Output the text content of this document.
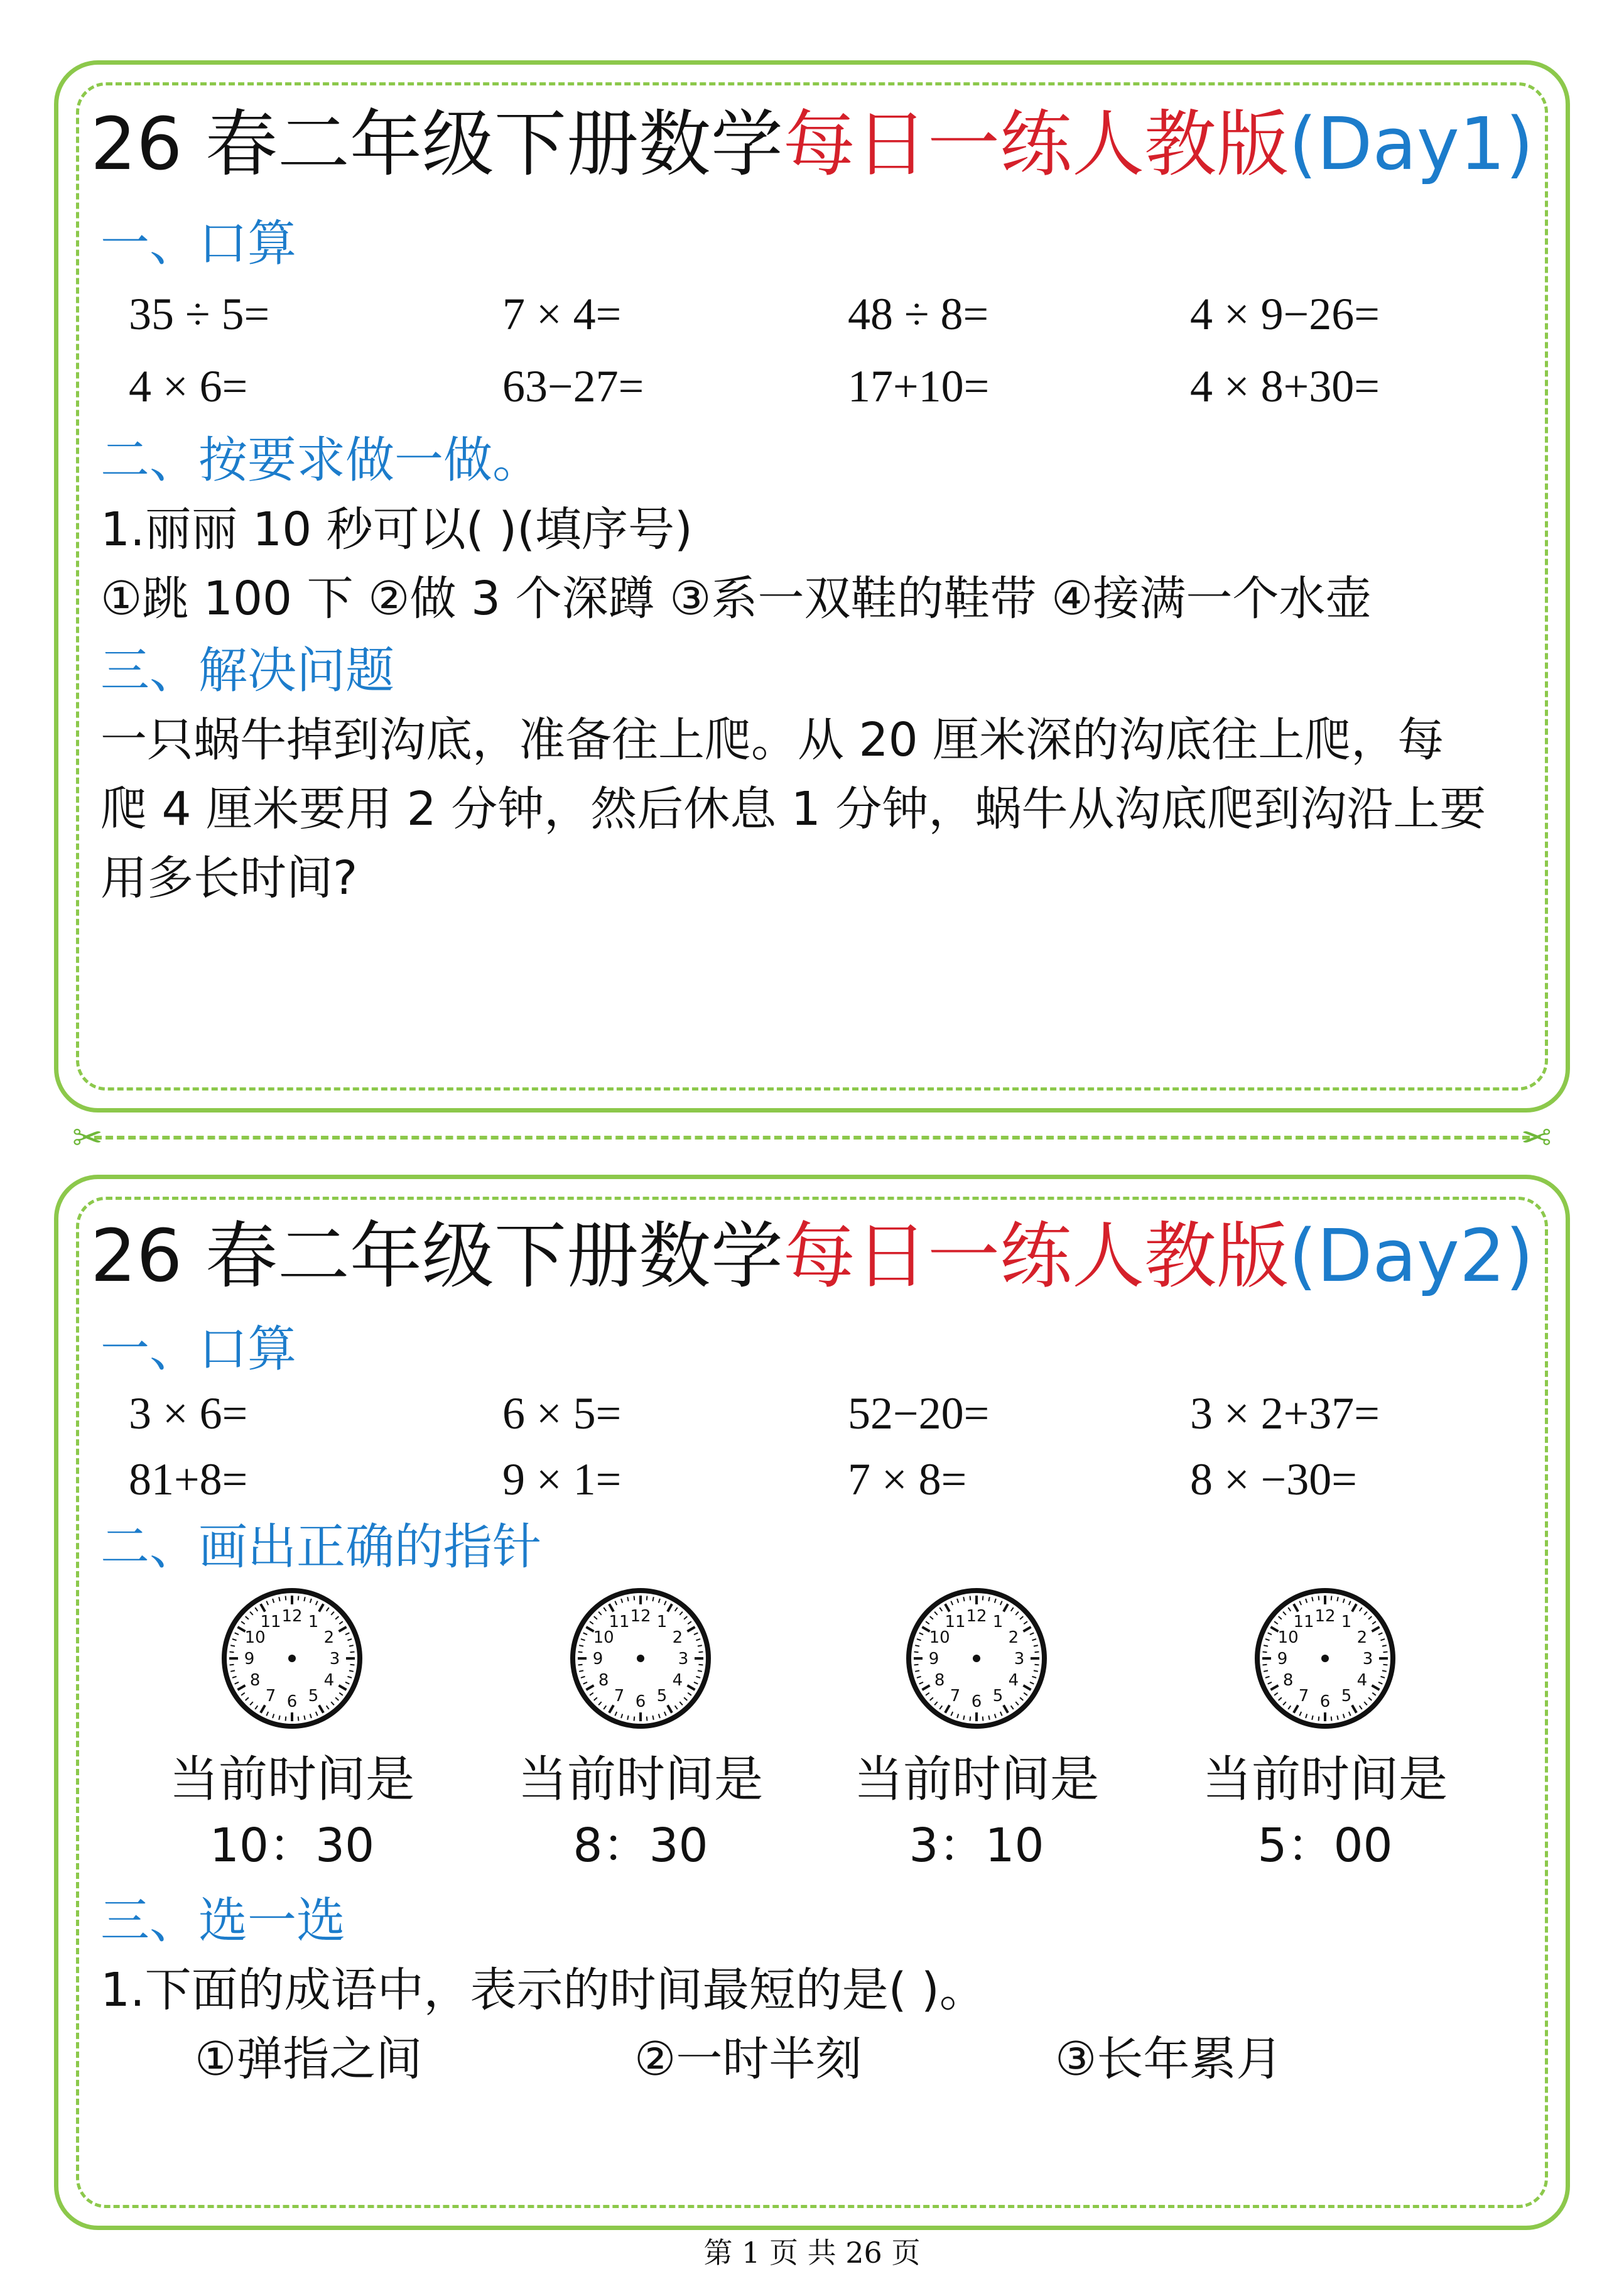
26 春二年级下册数学每日一练人教版(Day1)
一、口算
35 ÷ 5=	7 × 4=	48 ÷ 8=	4 × 9−26=
4 × 6=	63−27=	17+10=	4 × 8+30=
二、按要求做一做。
1.丽丽 10 秒可以( )(填序号)
①跳 100 下 ②做 3 个深蹲 ③系一双鞋的鞋带 ④接满一个水壶
三、解决问题
一只蜗牛掉到沟底，准备往上爬。从 20 厘米深的沟底往上爬，每
爬 4 厘米要用 2 分钟，然后休息 1 分钟，蜗牛从沟底爬到沟沿上要
用多长时间?
✂	✂
26 春二年级下册数学每日一练人教版(Day2)
一、口算
3 × 6=	6 × 5=	52−20=	3 × 2+37=
81+8=	9 × 1=	7 × 8=	8 × −30=
二、画出正确的指针
12 1
2
3
4
5
6
7
8
9
10
11	12 1
2
3
4
5
6
7
8
9
10
11	12 1
2
3
4
5
6
7
8
9
10
11	12 1
2
3
4
5
6
7
8
9
10
11
当前时间是	当前时间是	当前时间是	当前时间是
10：30	8：30	3：10	5：00
三、选一选
1.下面的成语中，表示的时间最短的是( )。
①弹指之间	②一时半刻	③长年累月
第 1 页 共 26 页
